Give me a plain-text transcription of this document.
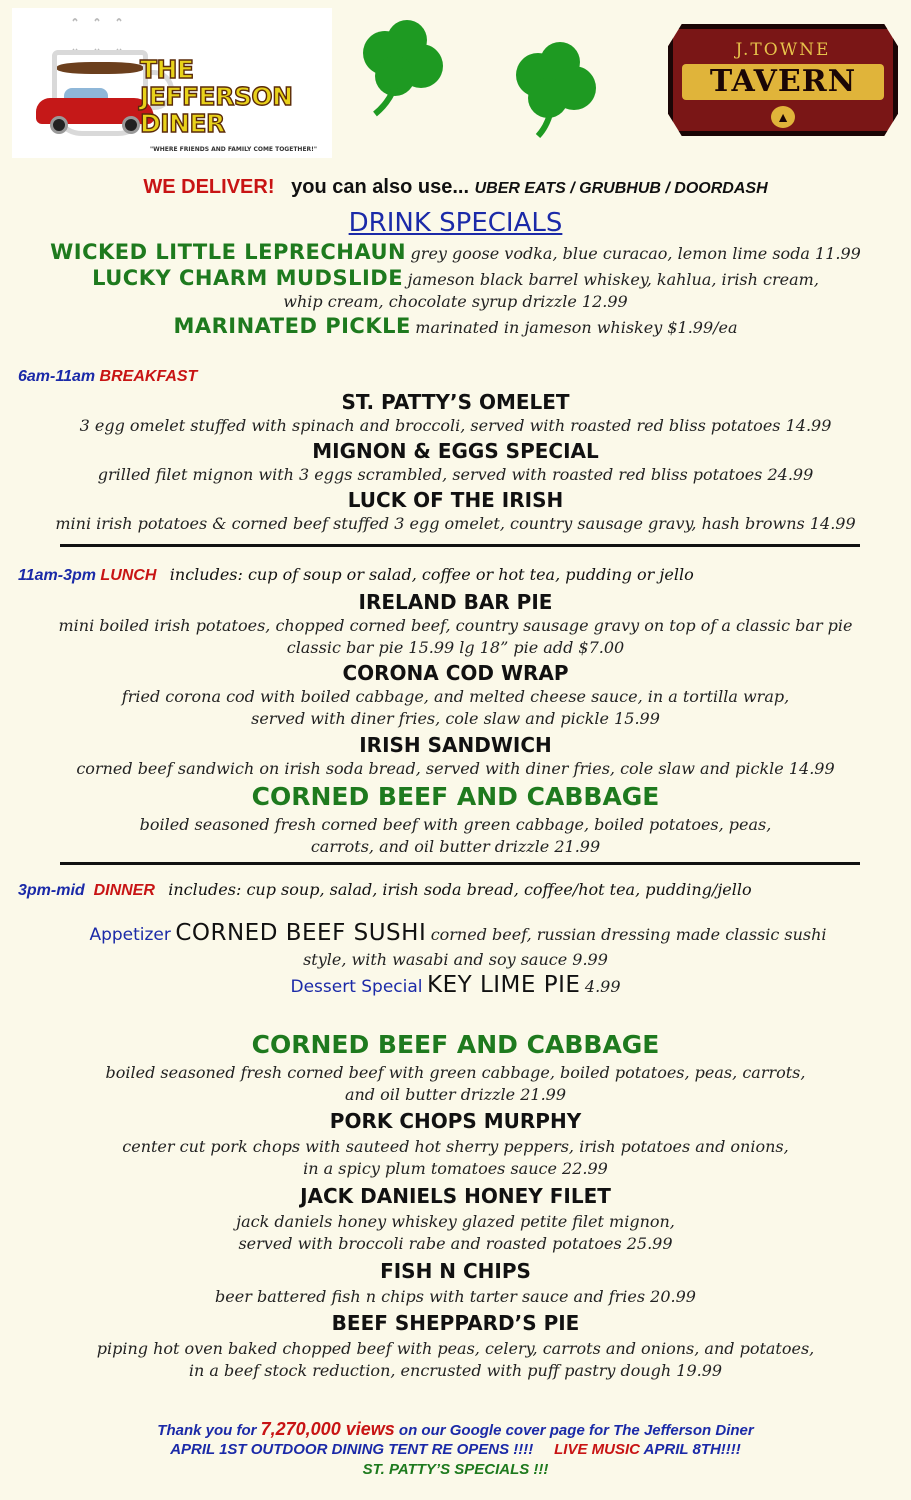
THE
JEFFERSON
DINER
"WHERE FRIENDS AND FAMILY COME TOGETHER!"
J.TOWNE
TAVERN
▲
WE DELIVER! you can also use... UBER EATS / GRUBHUB / DOORDASH
DRINK SPECIALS
WICKED LITTLE LEPRECHAUN grey goose vodka, blue curacao, lemon lime soda 11.99
LUCKY CHARM MUDSLIDE jameson black barrel whiskey, kahlua, irish cream,
whip cream, chocolate syrup drizzle 12.99
MARINATED PICKLE marinated in jameson whiskey $1.99/ea
6am-11am BREAKFAST
ST. PATTY’S OMELET
3 egg omelet stuffed with spinach and broccoli, served with roasted red bliss potatoes 14.99
MIGNON & EGGS SPECIAL
grilled filet mignon with 3 eggs scrambled, served with roasted red bliss potatoes 24.99
LUCK OF THE IRISH
mini irish potatoes & corned beef stuffed 3 egg omelet, country sausage gravy, hash browns 14.99
11am-3pm LUNCH includes: cup of soup or salad, coffee or hot tea, pudding or jello
IRELAND BAR PIE
mini boiled irish potatoes, chopped corned beef, country sausage gravy on top of a classic bar pie
classic bar pie 15.99 lg 18” pie add $7.00
CORONA COD WRAP
fried corona cod with boiled cabbage, and melted cheese sauce, in a tortilla wrap,
served with diner fries, cole slaw and pickle 15.99
IRISH SANDWICH
corned beef sandwich on irish soda bread, served with diner fries, cole slaw and pickle 14.99
CORNED BEEF AND CABBAGE
boiled seasoned fresh corned beef with green cabbage, boiled potatoes, peas,
carrots, and oil butter drizzle 21.99
3pm-mid DINNER includes: cup soup, salad, irish soda bread, coffee/hot tea, pudding/jello
Appetizer CORNED BEEF SUSHI corned beef, russian dressing made classic sushi
style, with wasabi and soy sauce 9.99
Dessert Special KEY LIME PIE 4.99
CORNED BEEF AND CABBAGE
boiled seasoned fresh corned beef with green cabbage, boiled potatoes, peas, carrots,
and oil butter drizzle 21.99
PORK CHOPS MURPHY
center cut pork chops with sauteed hot sherry peppers, irish potatoes and onions,
in a spicy plum tomatoes sauce 22.99
JACK DANIELS HONEY FILET
jack daniels honey whiskey glazed petite filet mignon,
served with broccoli rabe and roasted potatoes 25.99
FISH N CHIPS
beer battered fish n chips with tarter sauce and fries 20.99
BEEF SHEPPARD’S PIE
piping hot oven baked chopped beef with peas, celery, carrots and onions, and potatoes,
in a beef stock reduction, encrusted with puff pastry dough 19.99
Thank you for 7,270,000 views on our Google cover page for The Jefferson Diner
APRIL 1ST OUTDOOR DINING TENT RE OPENS !!!! LIVE MUSIC APRIL 8TH!!!!
ST. PATTY’S SPECIALS !!!
